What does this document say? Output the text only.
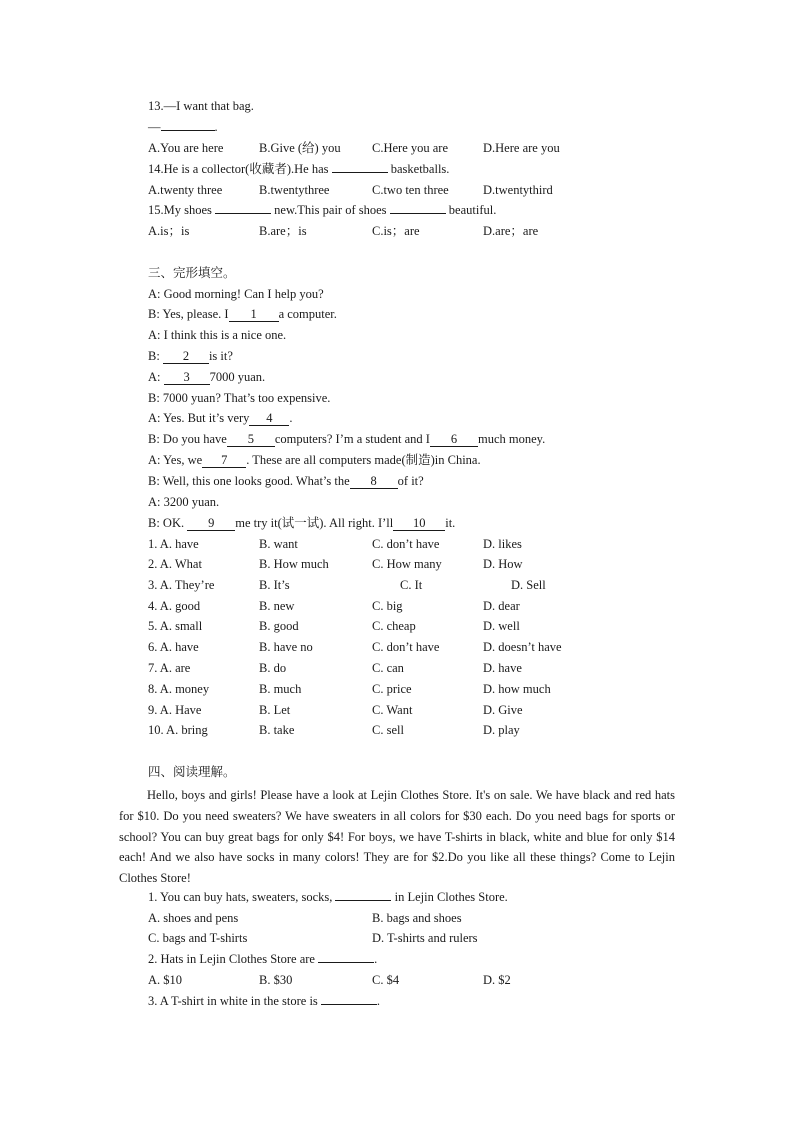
13.—I want that bag.
—	.
A.You are here	B.Give (给) you	C.Here you are	D.Here are you
14.He is a collector(收藏者).He has	basketballs.
A.twenty three	B.twentythree	C.two ten three	D.twentythird
15.My shoes	new.This pair of shoes	beautiful.
A.is；is	B.are；is	C.is；are	D.are；are
三、完形填空。
A: Good morning! Can I help you?
B: Yes, please. I 1 a computer.
A: I think this is a nice one.
B: 2 is it?
A: 3 7000 yuan.
B: 7000 yuan? That’s too expensive.
A: Yes. But it’s very 4 .
B: Do you have 5 computers? I’m a student and I 6 much money.
A: Yes, we 7 . These are all computers made(制造)in China.
B: Well, this one looks good. What’s the 8 of it?
A: 3200 yuan.
B: OK. 9 me try it(试一试). All right. I’ll 10 it.
1. A. have	B. want	C. don’t have	D. likes
2. A. What	B. How much	C. How many	D. How
3. A. They’re	B. It’s	C. It	D. Sell
4. A. good	B. new	C. big	D. dear
5. A. small	B. good	C. cheap	D. well
6. A. have	B. have no	C. don’t have	D. doesn’t have
7. A. are	B. do	C. can	D. have
8. A. money	B. much	C. price	D. how much
9. A. Have	B. Let	C. Want	D. Give
10. A. bring	B. take	C. sell	D. play
四、阅读理解。
Hello, boys and girls! Please have a look at Lejin Clothes Store. It's on sale. We have black and red hats for $10. Do you need sweaters? We have sweaters in all colors for $30 each. Do you need bags for sports or school? You can buy great bags for only $4! For boys, we have T-shirts in black, white and blue for only $14 each! And we also have socks in many colors! They are for $2.Do you like all these things? Come to Lejin Clothes Store!
1. You can buy hats, sweaters, socks,	in Lejin Clothes Store.
A. shoes and pens	B. bags and shoes
C. bags and T-shirts	D. T-shirts and rulers
2. Hats in Lejin Clothes Store are	.
A. $10	B. $30	C. $4	D. $2
3. A T-shirt in white in the store is	.
